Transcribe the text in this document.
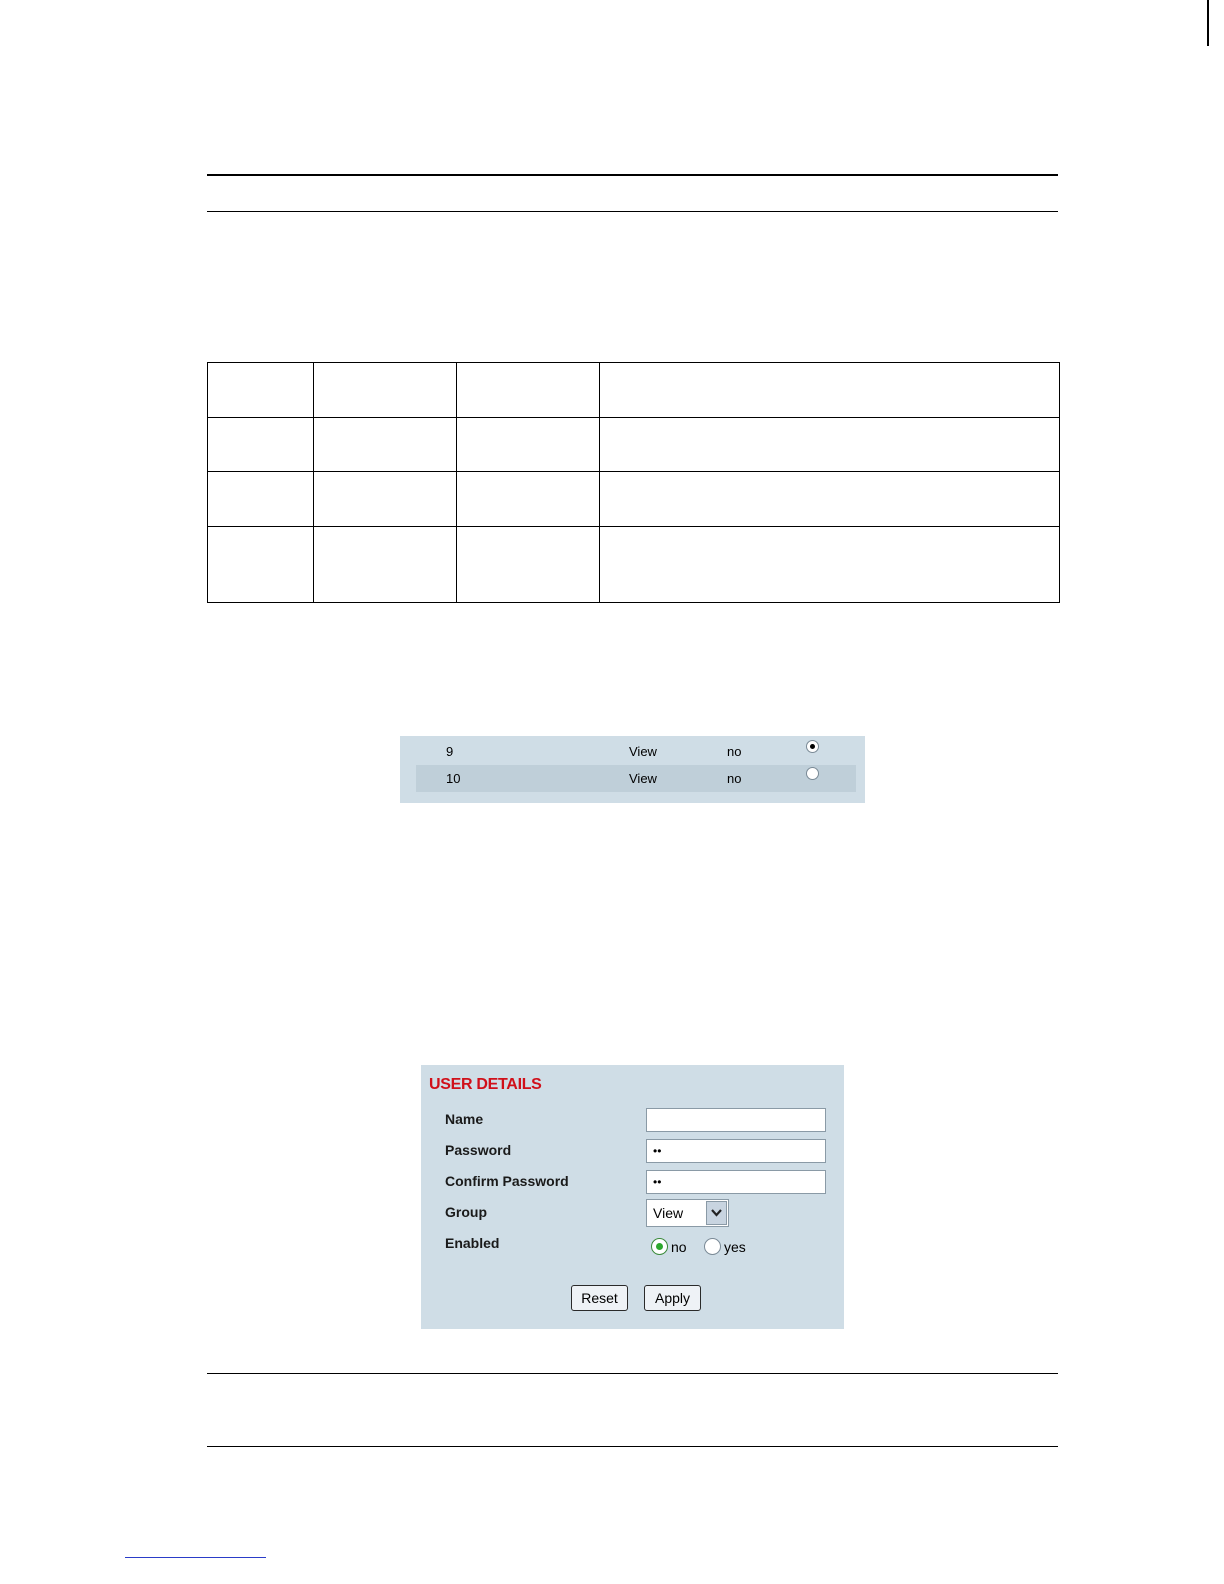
9	View	no
10	View	no
USER DETAILS
Name
Password	••
Confirm Password	••
Group	View
Enabled	no	yes
Reset	Apply
